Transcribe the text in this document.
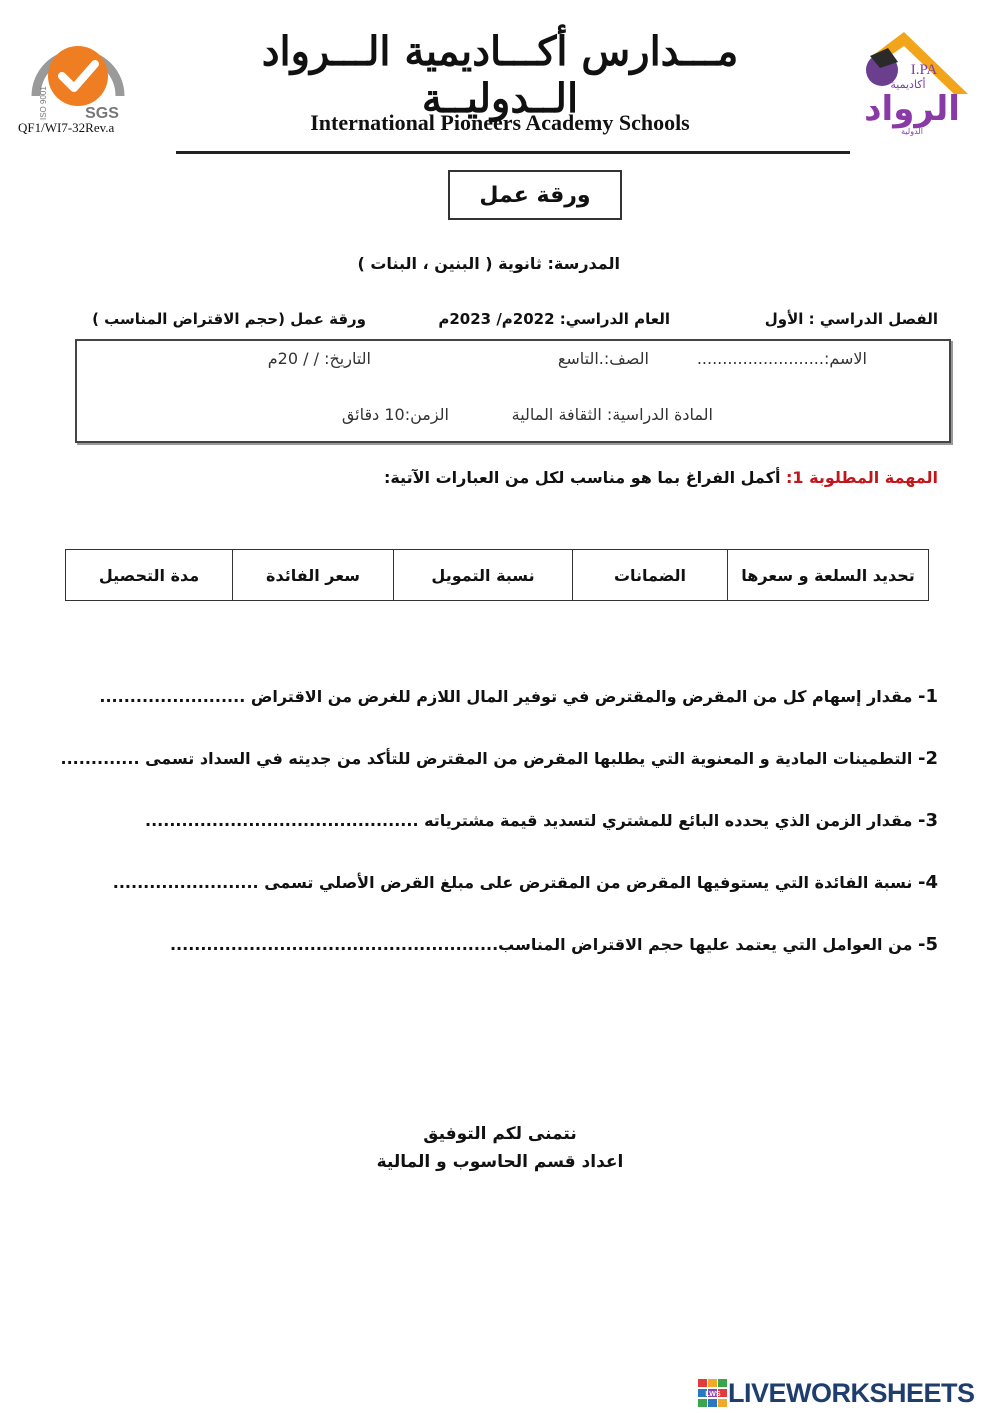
SGS
ISO 9001
SYSTEM CERTIFICATION
QF1/WI7-32Rev.a
مـــدارس أكـــاديمية الـــرواد الــدوليــة
International Pioneers Academy Schools
I.PA
أكاديمية
الرواد
الدولية
ورقة عمل
المدرسة: ثانوية ( البنين ، البنات )
الفصل الدراسي : الأول
العام الدراسي: 2022م/ 2023م
ورقة عمل (حجم الاقتراض المناسب )
الاسم:.........................
الصف:.التاسع
التاريخ: / / 20م
المادة الدراسية: الثقافة المالية
الزمن:10 دقائق
المهمة المطلوبة 1: أكمل الفراغ بما هو مناسب لكل من العبارات الآتية:
تحديد السلعة و سعرها
الضمانات
نسبة التمويل
سعر الفائدة
مدة التحصيل
1- مقدار إسهام كل من المقرض والمقترض في توفير المال اللازم للغرض من الاقتراض ........................
2- التطمينات المادية و المعنوية التي يطلبها المقرض من المقترض للتأكد من جديته في السداد تسمى .............
3- مقدار الزمن الذي يحدده البائع للمشتري لتسديد قيمة مشترياته .............................................
4- نسبة الفائدة التي يستوفيها المقرض من المقترض على مبلغ القرض الأصلي تسمى ........................
5- من العوامل التي يعتمد عليها حجم الاقتراض المناسب......................................................
نتمنى لكم التوفيق
اعداد قسم الحاسوب و المالية
LWS LIVEWORKSHEETS
